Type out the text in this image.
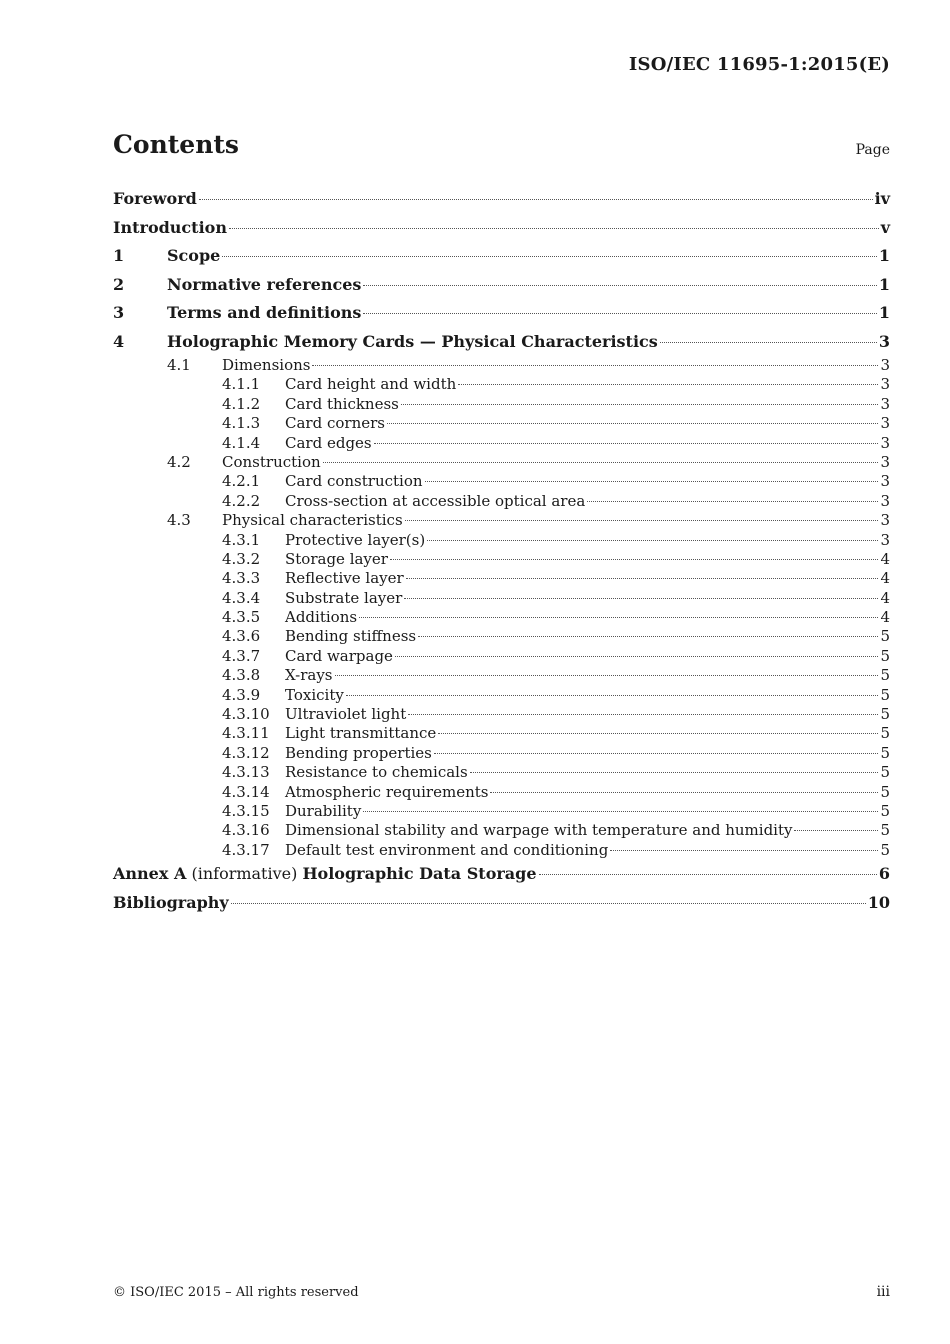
ISO/IEC 11695-1:2015(E)
Contents	Page
Foreword	iv
Introduction	v
1	Scope	1
2	Normative references	1
3	Terms and definitions	1
4	Holographic Memory Cards — Physical Characteristics	3
4.1	Dimensions	3
4.1.1	Card height and width	3
4.1.2	Card thickness	3
4.1.3	Card corners	3
4.1.4	Card edges	3
4.2	Construction	3
4.2.1	Card construction	3
4.2.2	Cross-section at accessible optical area	3
4.3	Physical characteristics	3
4.3.1	Protective layer(s)	3
4.3.2	Storage layer	4
4.3.3	Reflective layer	4
4.3.4	Substrate layer	4
4.3.5	Additions	4
4.3.6	Bending stiffness	5
4.3.7	Card warpage	5
4.3.8	X-rays	5
4.3.9	Toxicity	5
4.3.10	Ultraviolet light	5
4.3.11	Light transmittance	5
4.3.12	Bending properties	5
4.3.13	Resistance to chemicals	5
4.3.14	Atmospheric requirements	5
4.3.15	Durability	5
4.3.16	Dimensional stability and warpage with temperature and humidity	5
4.3.17	Default test environment and conditioning	5
Annex A (informative) Holographic Data Storage	6
Bibliography	10
© ISO/IEC 2015 – All rights reserved	iii
